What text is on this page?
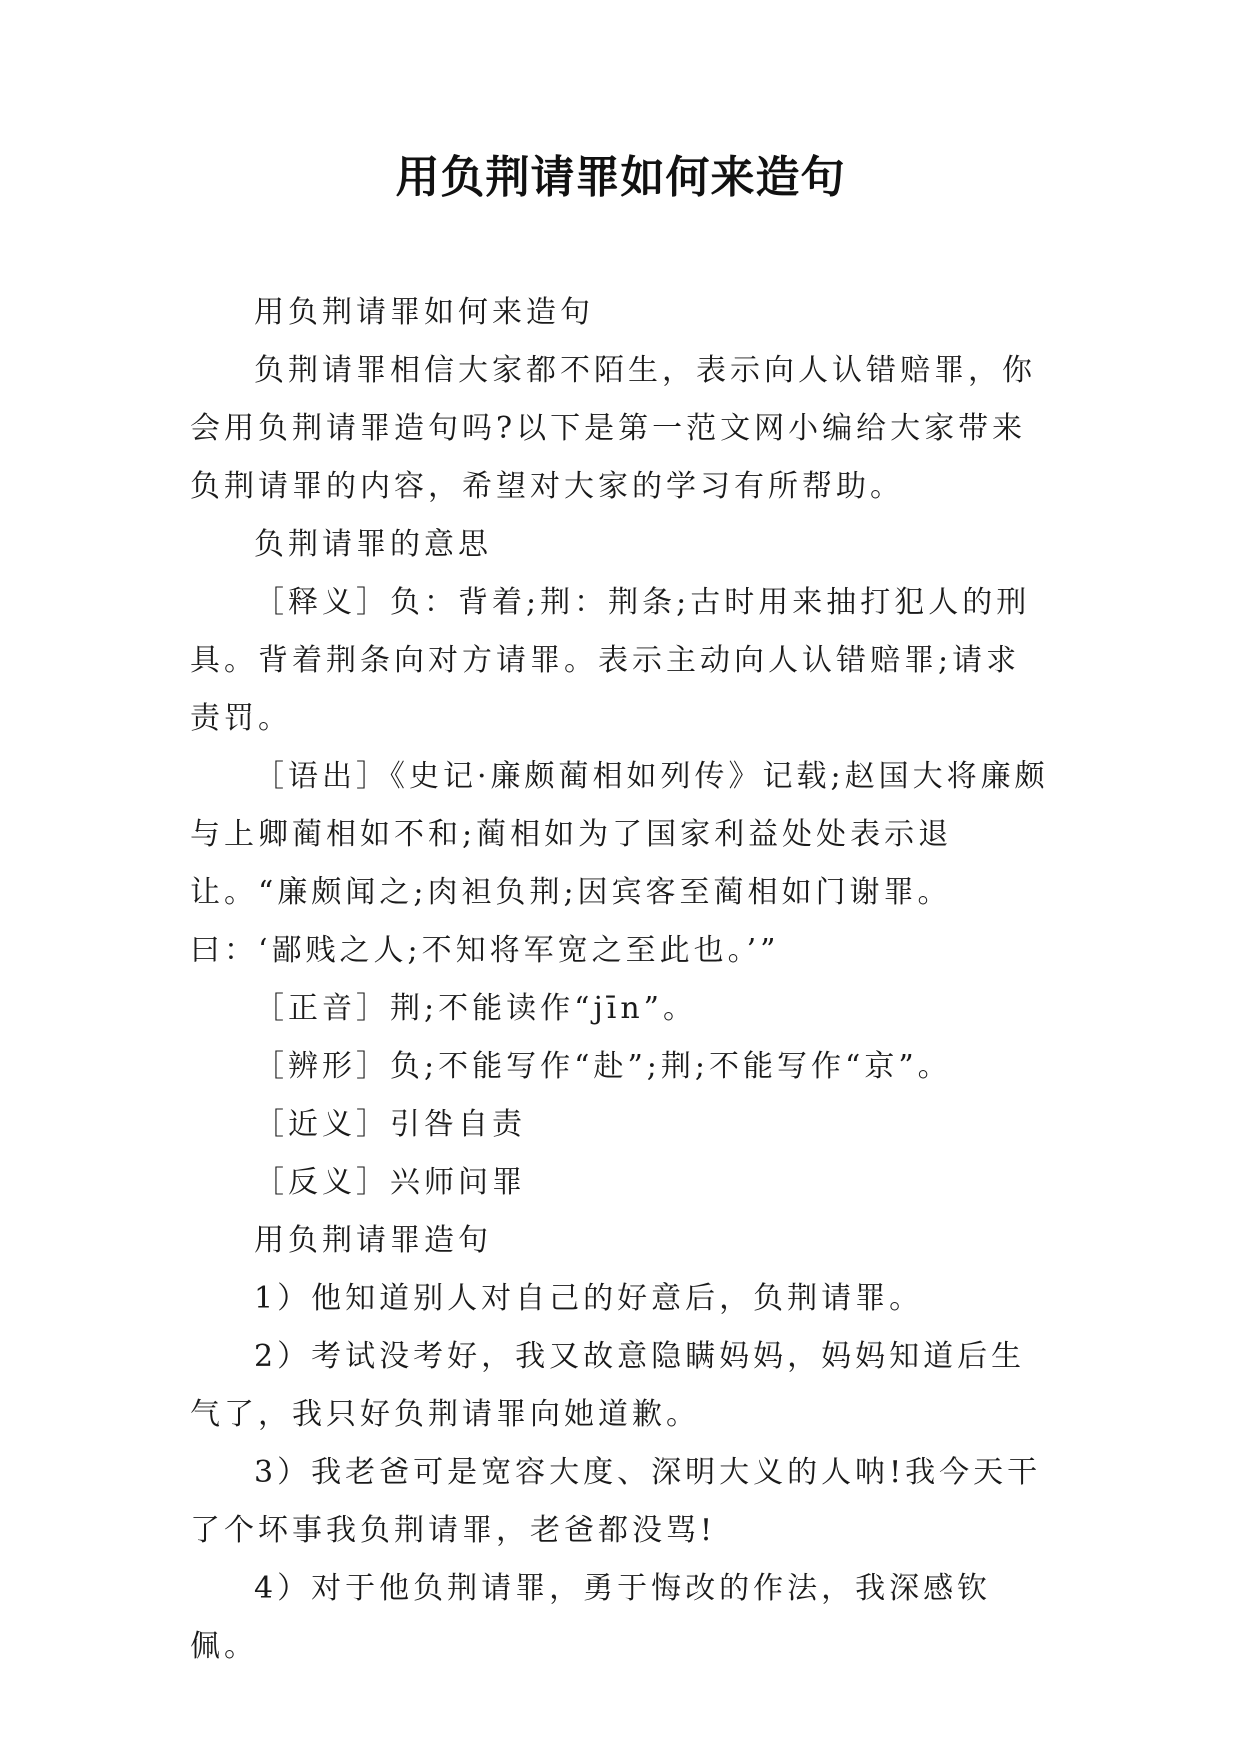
用负荆请罪如何来造句

用负荆请罪如何来造句

负荆请罪相信大家都不陌生，表示向人认错赔罪，你会用负荆请罪造句吗?以下是第一范文网小编给大家带来负荆请罪的内容，希望对大家的学习有所帮助。

负荆请罪的意思

［释义］负：背着;荆：荆条;古时用来抽打犯人的刑具。背着荆条向对方请罪。表示主动向人认错赔罪;请求责罚。

［语出］《史记·廉颇蔺相如列传》记载;赵国大将廉颇与上卿蔺相如不和;蔺相如为了国家利益处处表示退让。“廉颇闻之;肉袒负荆;因宾客至蔺相如门谢罪。曰：‘鄙贱之人;不知将军宽之至此也。’”

［正音］荆;不能读作“jīn”。

［辨形］负;不能写作“赴”;荆;不能写作“京”。

［近义］引咎自责

［反义］兴师问罪

用负荆请罪造句

1）他知道别人对自己的好意后，负荆请罪。

2）考试没考好，我又故意隐瞒妈妈，妈妈知道后生气了，我只好负荆请罪向她道歉。

3）我老爸可是宽容大度、深明大义的人呐!我今天干了个坏事我负荆请罪，老爸都没骂!

4）对于他负荆请罪，勇于悔改的作法，我深感钦佩。
